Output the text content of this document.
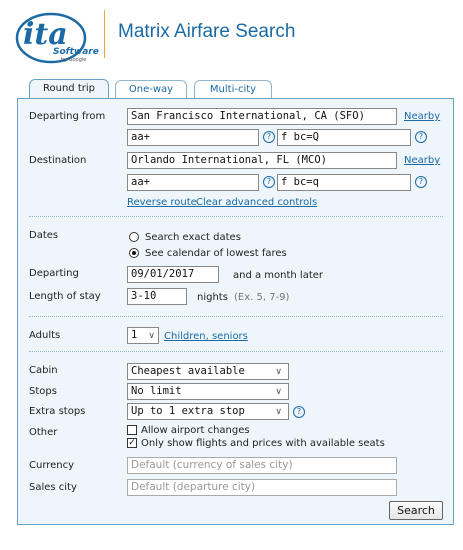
ita
Software
by Google
Matrix Airfare Search
Round trip	One-way	Multi-city
Departing from	San Francisco International, CA (SFO)	Nearby
aa+	? f bc=Q	?
Destination	Orlando International, FL (MCO)	Nearby
aa+	? f bc=q	?
Reverse route Clear advanced controls
Dates	Search exact dates
See calendar of lowest fares
Departing	09/01/2017	and a month later
Length of stay	3-10	nights (Ex. 5, 7-9)
Adults	1 ∨ Children, seniors
Cabin	Cheapest available	∨
Stops	No limit	∨
Extra stops	Up to 1 extra stop	∨	?
Other	Allow airport changes
✓ Only show flights and prices with available seats
Currency	Default (currency of sales city)
Sales city	Default (departure city)
Search
